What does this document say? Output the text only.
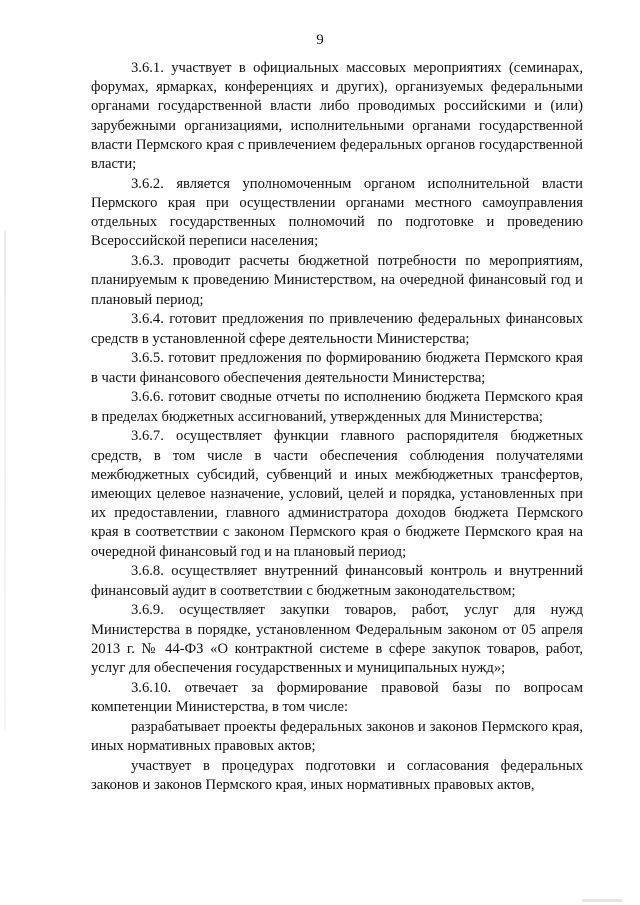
9

3.6.1. участвует в официальных массовых мероприятиях (семинарах, форумах, ярмарках, конференциях и других), организуемых федеральными органами государственной власти либо проводимых российскими и (или) зарубежными организациями, исполнительными органами государственной власти Пермского края с привлечением федеральных органов государственной власти;

3.6.2. является уполномоченным органом исполнительной власти Пермского края при осуществлении органами местного самоуправления отдельных государственных полномочий по подготовке и проведению Всероссийской переписи населения;

3.6.3. проводит расчеты бюджетной потребности по мероприятиям, планируемым к проведению Министерством, на очередной финансовый год и плановый период;

3.6.4. готовит предложения по привлечению федеральных финансовых средств в установленной сфере деятельности Министерства;

3.6.5. готовит предложения по формированию бюджета Пермского края в части финансового обеспечения деятельности Министерства;

3.6.6. готовит сводные отчеты по исполнению бюджета Пермского края в пределах бюджетных ассигнований, утвержденных для Министерства;

3.6.7. осуществляет функции главного распорядителя бюджетных средств, в том числе в части обеспечения соблюдения получателями межбюджетных субсидий, субвенций и иных межбюджетных трансфертов, имеющих целевое назначение, условий, целей и порядка, установленных при их предоставлении, главного администратора доходов бюджета Пермского края в соответствии с законом Пермского края о бюджете Пермского края на очередной финансовый год и на плановый период;

3.6.8. осуществляет внутренний финансовый контроль и внутренний финансовый аудит в соответствии с бюджетным законодательством;

3.6.9. осуществляет закупки товаров, работ, услуг для нужд Министерства в порядке, установленном Федеральным законом от 05 апреля 2013 г. № 44-ФЗ «О контрактной системе в сфере закупок товаров, работ, услуг для обеспечения государственных и муниципальных нужд»;

3.6.10. отвечает за формирование правовой базы по вопросам компетенции Министерства, в том числе:

разрабатывает проекты федеральных законов и законов Пермского края, иных нормативных правовых актов;

участвует в процедурах подготовки и согласования федеральных законов и законов Пермского края, иных нормативных правовых актов,
